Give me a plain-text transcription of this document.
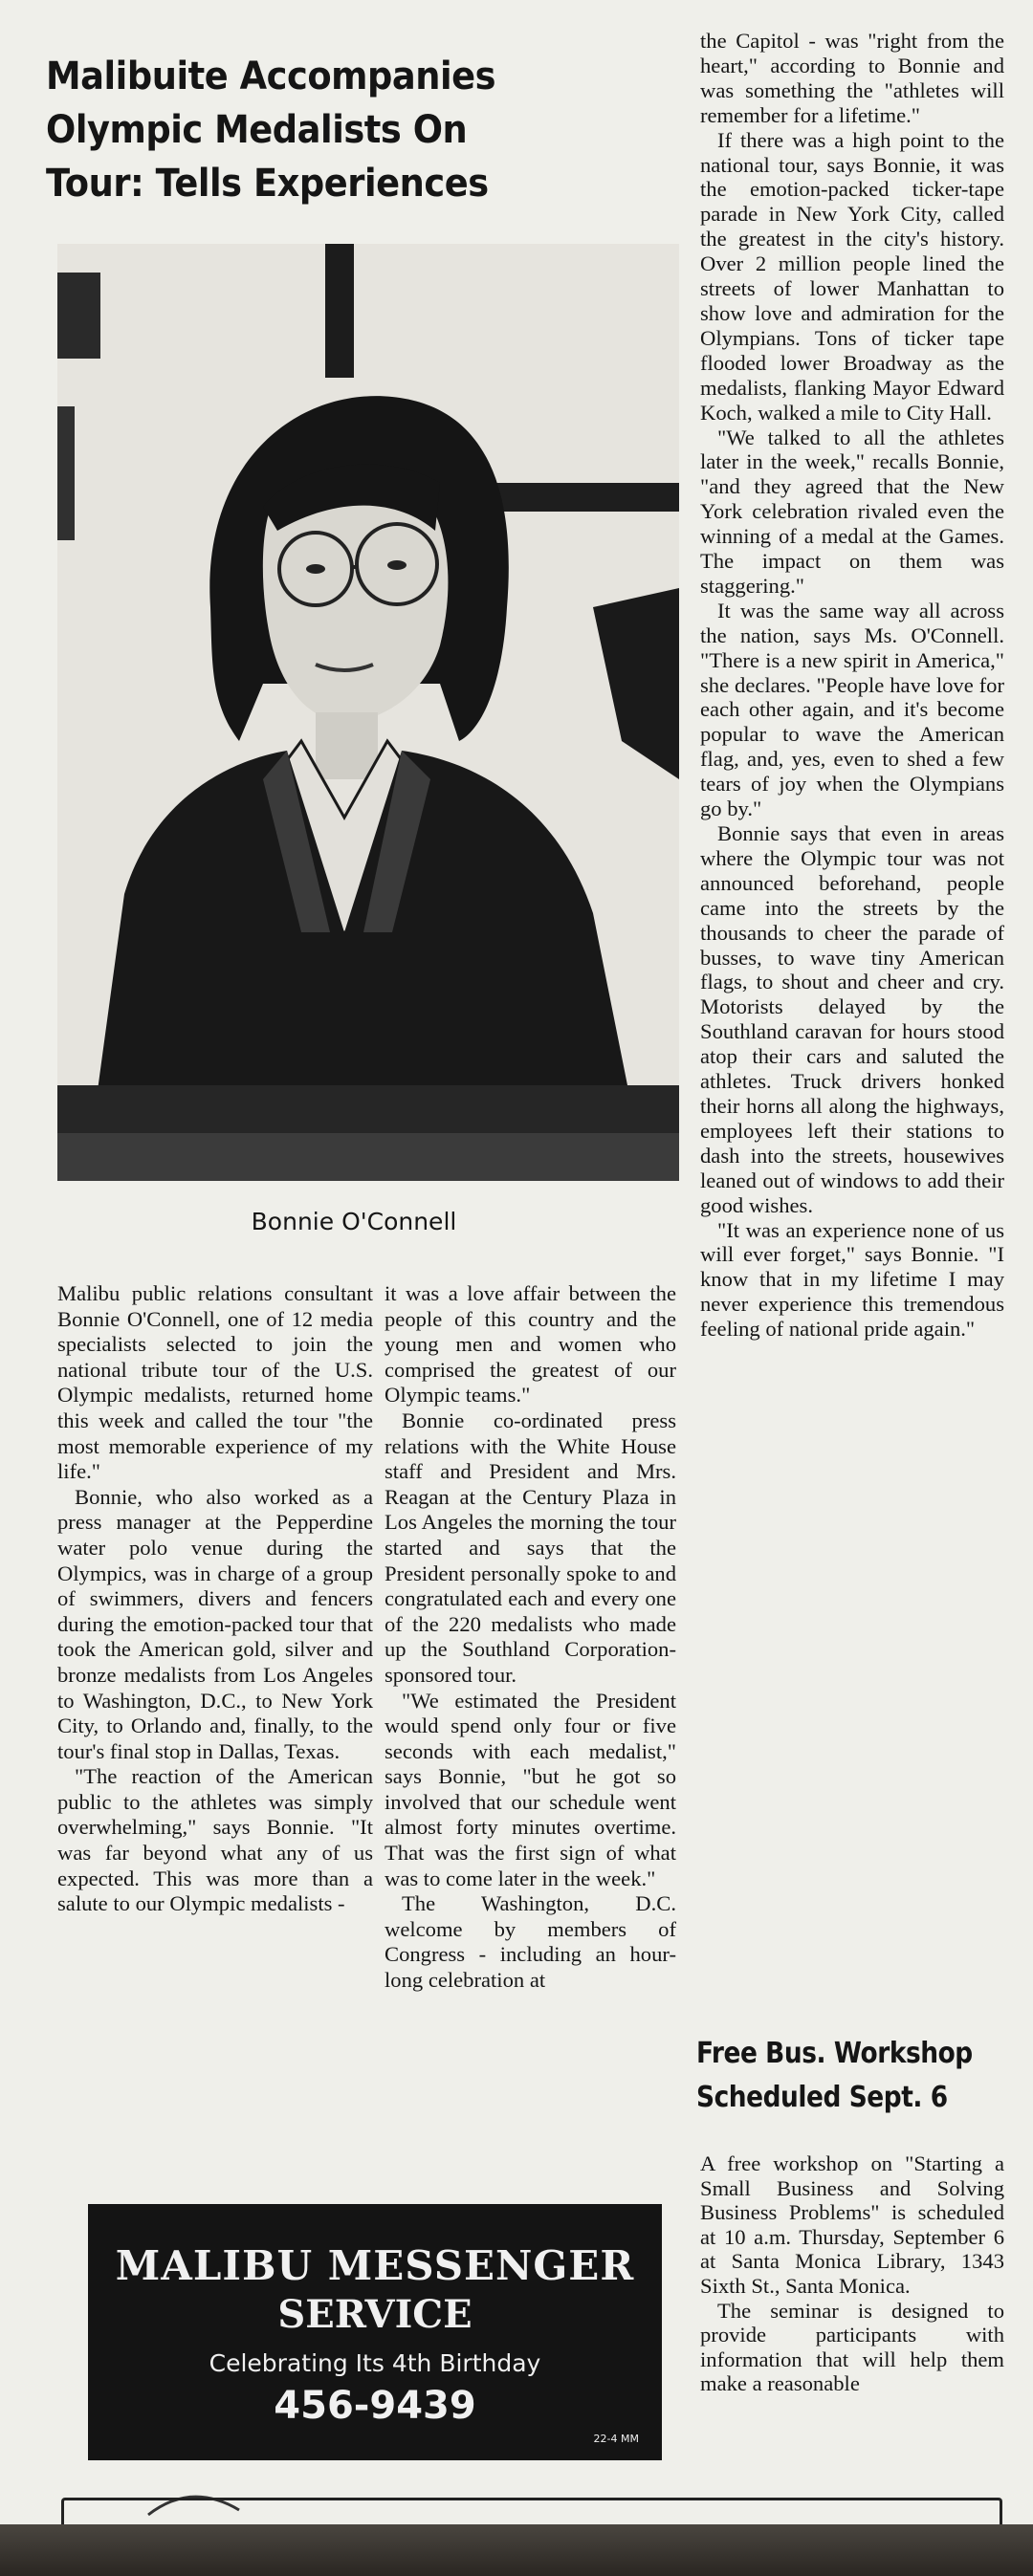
Malibuite Accompanies
Olympic Medalists On
Tour: Tells Experiences

Bonnie O'Connell

Malibu public relations consultant Bonnie O'Connell, one of 12 media specialists selected to join the national tribute tour of the U.S. Olympic medalists, returned home this week and called the tour "the most memorable experience of my life."

Bonnie, who also worked as a press manager at the Pepperdine water polo venue during the Olympics, was in charge of a group of swimmers, divers and fencers during the emotion-packed tour that took the American gold, silver and bronze medalists from Los Angeles to Washington, D.C., to New York City, to Orlando and, finally, to the tour's final stop in Dallas, Texas.

"The reaction of the American public to the athletes was simply overwhelming," says Bonnie. "It was far beyond what any of us expected. This was more than a salute to our Olympic medalists -

it was a love affair between the people of this country and the young men and women who comprised the greatest of our Olympic teams."

Bonnie co-ordinated press relations with the White House staff and President and Mrs. Reagan at the Century Plaza in Los Angeles the morning the tour started and says that the President personally spoke to and congratulated each and every one of the 220 medalists who made up the Southland Corporation-sponsored tour.

"We estimated the President would spend only four or five seconds with each medalist," says Bonnie, "but he got so involved that our schedule went almost forty minutes overtime. That was the first sign of what was to come later in the week."

The Washington, D.C. welcome by members of Congress - including an hour-long celebration at

the Capitol - was "right from the heart," according to Bonnie and was something the "athletes will remember for a lifetime."

If there was a high point to the national tour, says Bonnie, it was the emotion-packed ticker-tape parade in New York City, called the greatest in the city's history. Over 2 million people lined the streets of lower Manhattan to show love and admiration for the Olympians. Tons of ticker tape flooded lower Broadway as the medalists, flanking Mayor Edward Koch, walked a mile to City Hall.

"We talked to all the athletes later in the week," recalls Bonnie, "and they agreed that the New York celebration rivaled even the winning of a medal at the Games. The impact on them was staggering."

It was the same way all across the nation, says Ms. O'Connell. "There is a new spirit in America," she declares. "People have love for each other again, and it's become popular to wave the American flag, and, yes, even to shed a few tears of joy when the Olympians go by."

Bonnie says that even in areas where the Olympic tour was not announced beforehand, people came into the streets by the thousands to cheer the parade of busses, to wave tiny American flags, to shout and cheer and cry. Motorists delayed by the Southland caravan for hours stood atop their cars and saluted the athletes. Truck drivers honked their horns all along the highways, employees left their stations to dash into the streets, housewives leaned out of windows to add their good wishes.

"It was an experience none of us will ever forget," says Bonnie. "I know that in my lifetime I may never experience this tremendous feeling of national pride again."

Free Bus. Workshop
Scheduled Sept. 6

A free workshop on "Starting a Small Business and Solving Business Problems" is scheduled at 10 a.m. Thursday, September 6 at Santa Monica Library, 1343 Sixth St., Santa Monica.

The seminar is designed to provide participants with information that will help them make a reasonable

MALIBU MESSENGER
SERVICE
Celebrating Its 4th Birthday
456-9439
22-4 MM
